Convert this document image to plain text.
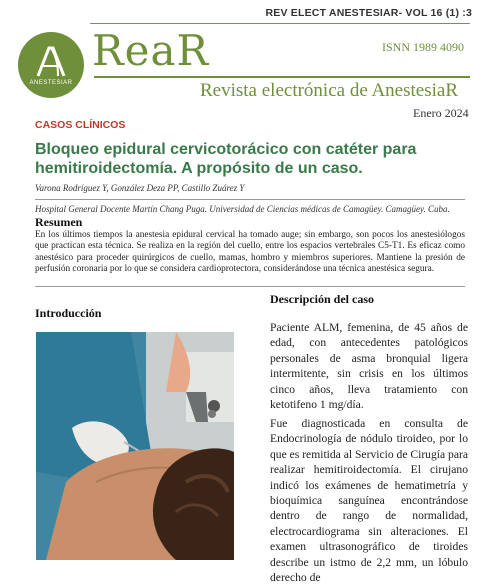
REV ELECT ANESTESIAR- VOL 16 (1) :3
ANESTESIAR
ReaR	ISNN 1989 4090
Revista electrónica de AnestesiaR
Enero 2024
CASOS CLÍNICOS
Bloqueo epidural cervicotorácico con catéter para hemitiroidectomía. A propósito de un caso.
Varona Rodríguez Y, González Deza PP, Castillo Zuárez Y
Hospital General Docente Martín Chang Puga. Universidad de Ciencias médicas de Camagüey. Camagüey. Cuba.
Resumen
En los últimos tiempos la anestesia epidural cervical ha tomado auge; sin embargo, son pocos los anestesiólogos que practican esta técnica. Se realiza en la región del cuello, entre los espacios vertebrales C5-T1. Es eficaz como anestésico para proceder quirúrgicos de cuello, mamas, hombro y miembros superiores. Mantiene la presión de perfusión coronaria por lo que se considera cardioprotectora, considerándose una técnica anestésica segura.
Introducción
Descripción del caso
Paciente ALM, femenina, de 45 años de edad, con antecedentes patológicos personales de asma bronquial ligera intermitente, sin crisis en los últimos cinco años, lleva tratamiento con ketotifeno 1 mg/día.
Fue diagnosticada en consulta de Endocrinología de nódulo tiroideo, por lo que es remitida al Servicio de Cirugía para realizar hemitiroidectomía. El cirujano indicó los exámenes de hematimetría y bioquímica sanguínea encontrándose dentro de rango de normalidad, electrocardiograma sin alteraciones. El examen ultrasonográfico de tiroides describe un istmo de 2,2 mm, un lóbulo derecho de
